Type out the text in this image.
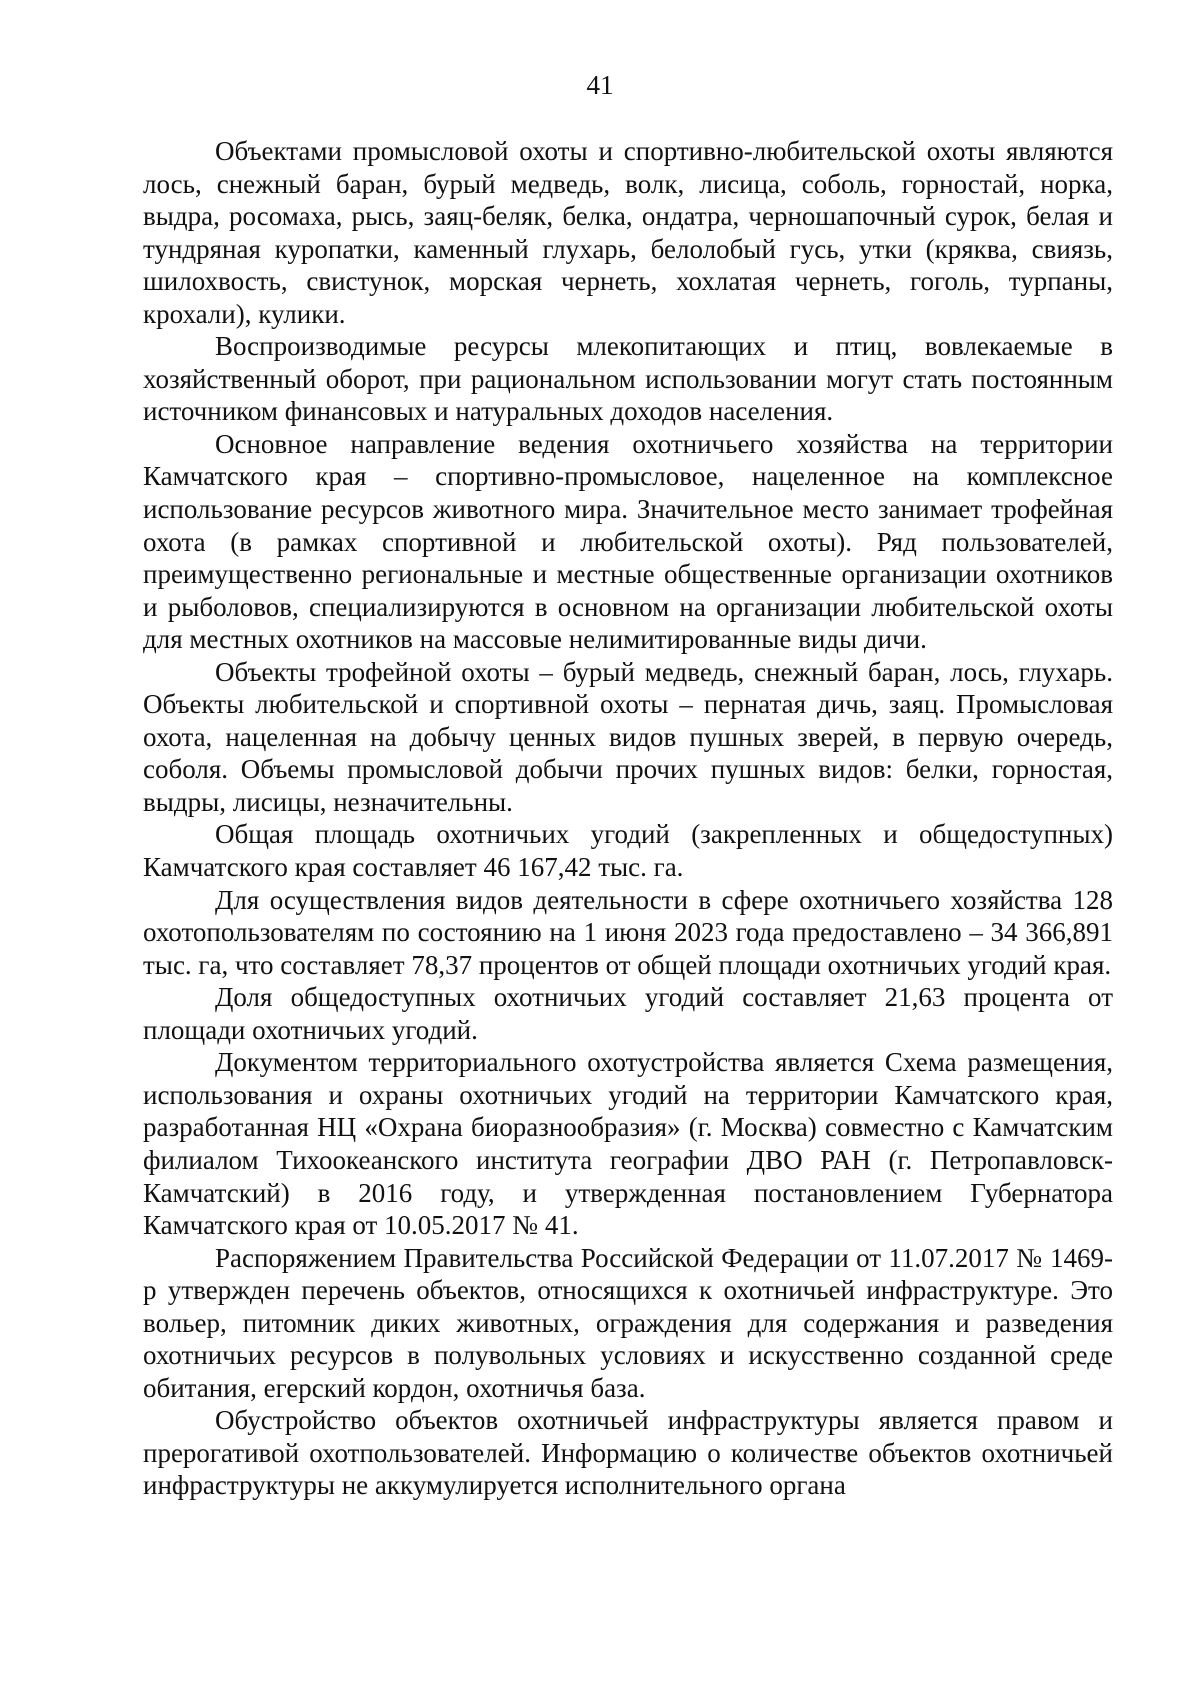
41

Объектами промысловой охоты и спортивно-любительской охоты являются лось, снежный баран, бурый медведь, волк, лисица, соболь, горностай, норка, выдра, росомаха, рысь, заяц-беляк, белка, ондатра, черношапочный сурок, белая и тундряная куропатки, каменный глухарь, белолобый гусь, утки (кряква, свиязь, шилохвость, свистунок, морская чернеть, хохлатая чернеть, гоголь, турпаны, крохали), кулики.

Воспроизводимые ресурсы млекопитающих и птиц, вовлекаемые в хозяйственный оборот, при рациональном использовании могут стать постоянным источником финансовых и натуральных доходов населения.

Основное направление ведения охотничьего хозяйства на территории Камчатского края – спортивно-промысловое, нацеленное на комплексное использование ресурсов животного мира. Значительное место занимает трофейная охота (в рамках спортивной и любительской охоты). Ряд пользователей, преимущественно региональные и местные общественные организации охотников и рыболовов, специализируются в основном на организации любительской охоты для местных охотников на массовые нелимитированные виды дичи.

Объекты трофейной охоты – бурый медведь, снежный баран, лось, глухарь. Объекты любительской и спортивной охоты – пернатая дичь, заяц. Промысловая охота, нацеленная на добычу ценных видов пушных зверей, в первую очередь, соболя. Объемы промысловой добычи прочих пушных видов: белки, горностая, выдры, лисицы, незначительны.

Общая площадь охотничьих угодий (закрепленных и общедоступных) Камчатского края составляет 46 167,42 тыс. га.

Для осуществления видов деятельности в сфере охотничьего хозяйства 128 охотопользователям по состоянию на 1 июня 2023 года предоставлено – 34 366,891 тыс. га, что составляет 78,37 процентов от общей площади охотничьих угодий края.

Доля общедоступных охотничьих угодий составляет 21,63 процента от площади охотничьих угодий.

Документом территориального охотустройства является Схема размещения, использования и охраны охотничьих угодий на территории Камчатского края, разработанная НЦ «Охрана биоразнообразия» (г. Москва) совместно с Камчатским филиалом Тихоокеанского института географии ДВО РАН (г. Петропавловск-Камчатский) в 2016 году, и утвержденная постановлением Губернатора Камчатского края от 10.05.2017 № 41.

Распоряжением Правительства Российской Федерации от 11.07.2017 № 1469-р утвержден перечень объектов, относящихся к охотничьей инфраструктуре. Это вольер, питомник диких животных, ограждения для содержания и разведения охотничьих ресурсов в полувольных условиях и искусственно созданной среде обитания, егерский кордон, охотничья база.

Обустройство объектов охотничьей инфраструктуры является правом и прерогативой охотпользователей. Информацию о количестве объектов охотничьей инфраструктуры не аккумулируется исполнительного органа
